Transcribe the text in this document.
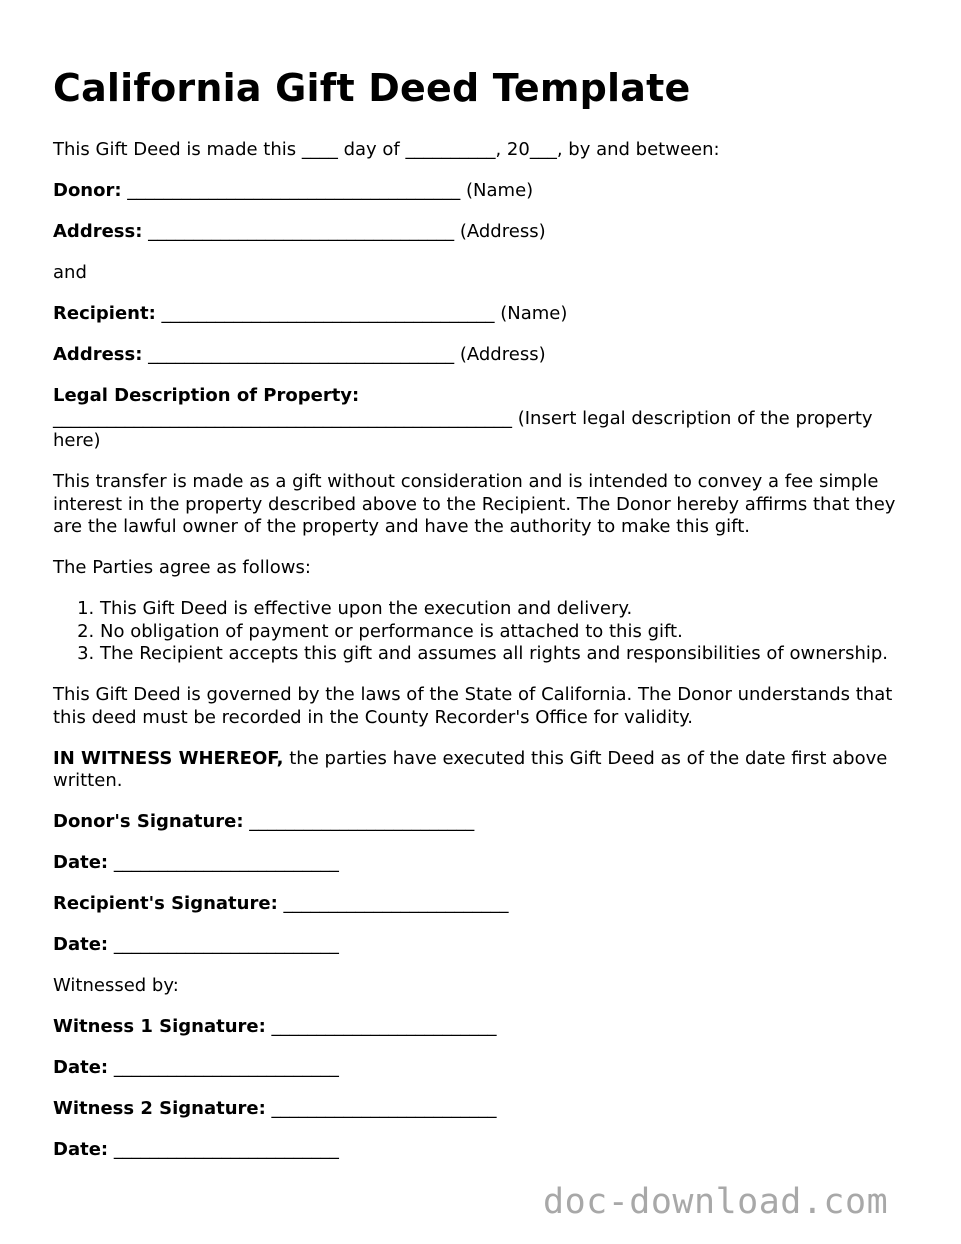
California Gift Deed Template

This Gift Deed is made this ____ day of __________, 20___, by and between:

Donor: _____________________________________ (Name)

Address: __________________________________ (Address)

and

Recipient: _____________________________________ (Name)

Address: __________________________________ (Address)

Legal Description of Property:
___________________________________________________ (Insert legal description of the property here)

This transfer is made as a gift without consideration and is intended to convey a fee simple interest in the property described above to the Recipient. The Donor hereby affirms that they are the lawful owner of the property and have the authority to make this gift.

The Parties agree as follows:

1. This Gift Deed is effective upon the execution and delivery.
2. No obligation of payment or performance is attached to this gift.
3. The Recipient accepts this gift and assumes all rights and responsibilities of ownership.

This Gift Deed is governed by the laws of the State of California. The Donor understands that this deed must be recorded in the County Recorder's Office for validity.

IN WITNESS WHEREOF, the parties have executed this Gift Deed as of the date first above written.

Donor's Signature: _________________________

Date: _________________________

Recipient's Signature: _________________________

Date: _________________________

Witnessed by:

Witness 1 Signature: _________________________

Date: _________________________

Witness 2 Signature: _________________________

Date: _________________________

doc-download.com
